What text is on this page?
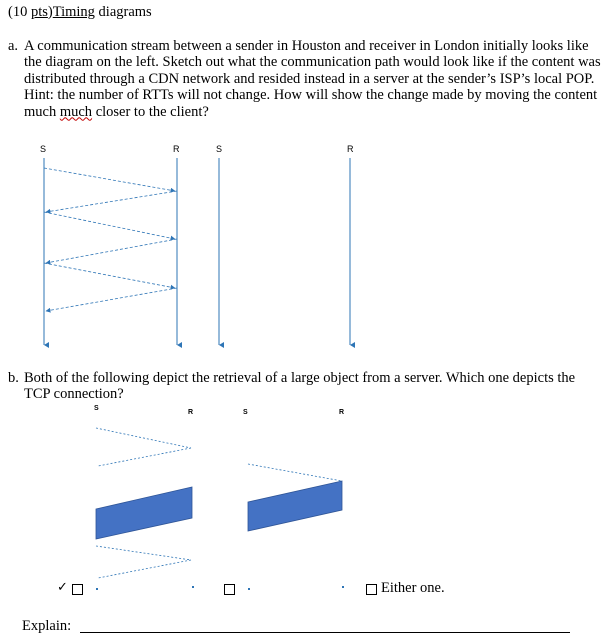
(10 pts)Timing diagrams
a. A communication stream between a sender in Houston and receiver in London initially looks like
the diagram on the left. Sketch out what the communication path would look like if the content was
distributed through a CDN network and resided instead in a server at the sender’s ISP’s local POP.
Hint: the number of RTTs will not change. How will show the change made by moving the content
much much closer to the client?
S	R	S	R
b. Both of the following depict the retrieval of a large object from a server. Which one depicts the
TCP connection?
S
R	S	R
✓	Either one.
Explain:
